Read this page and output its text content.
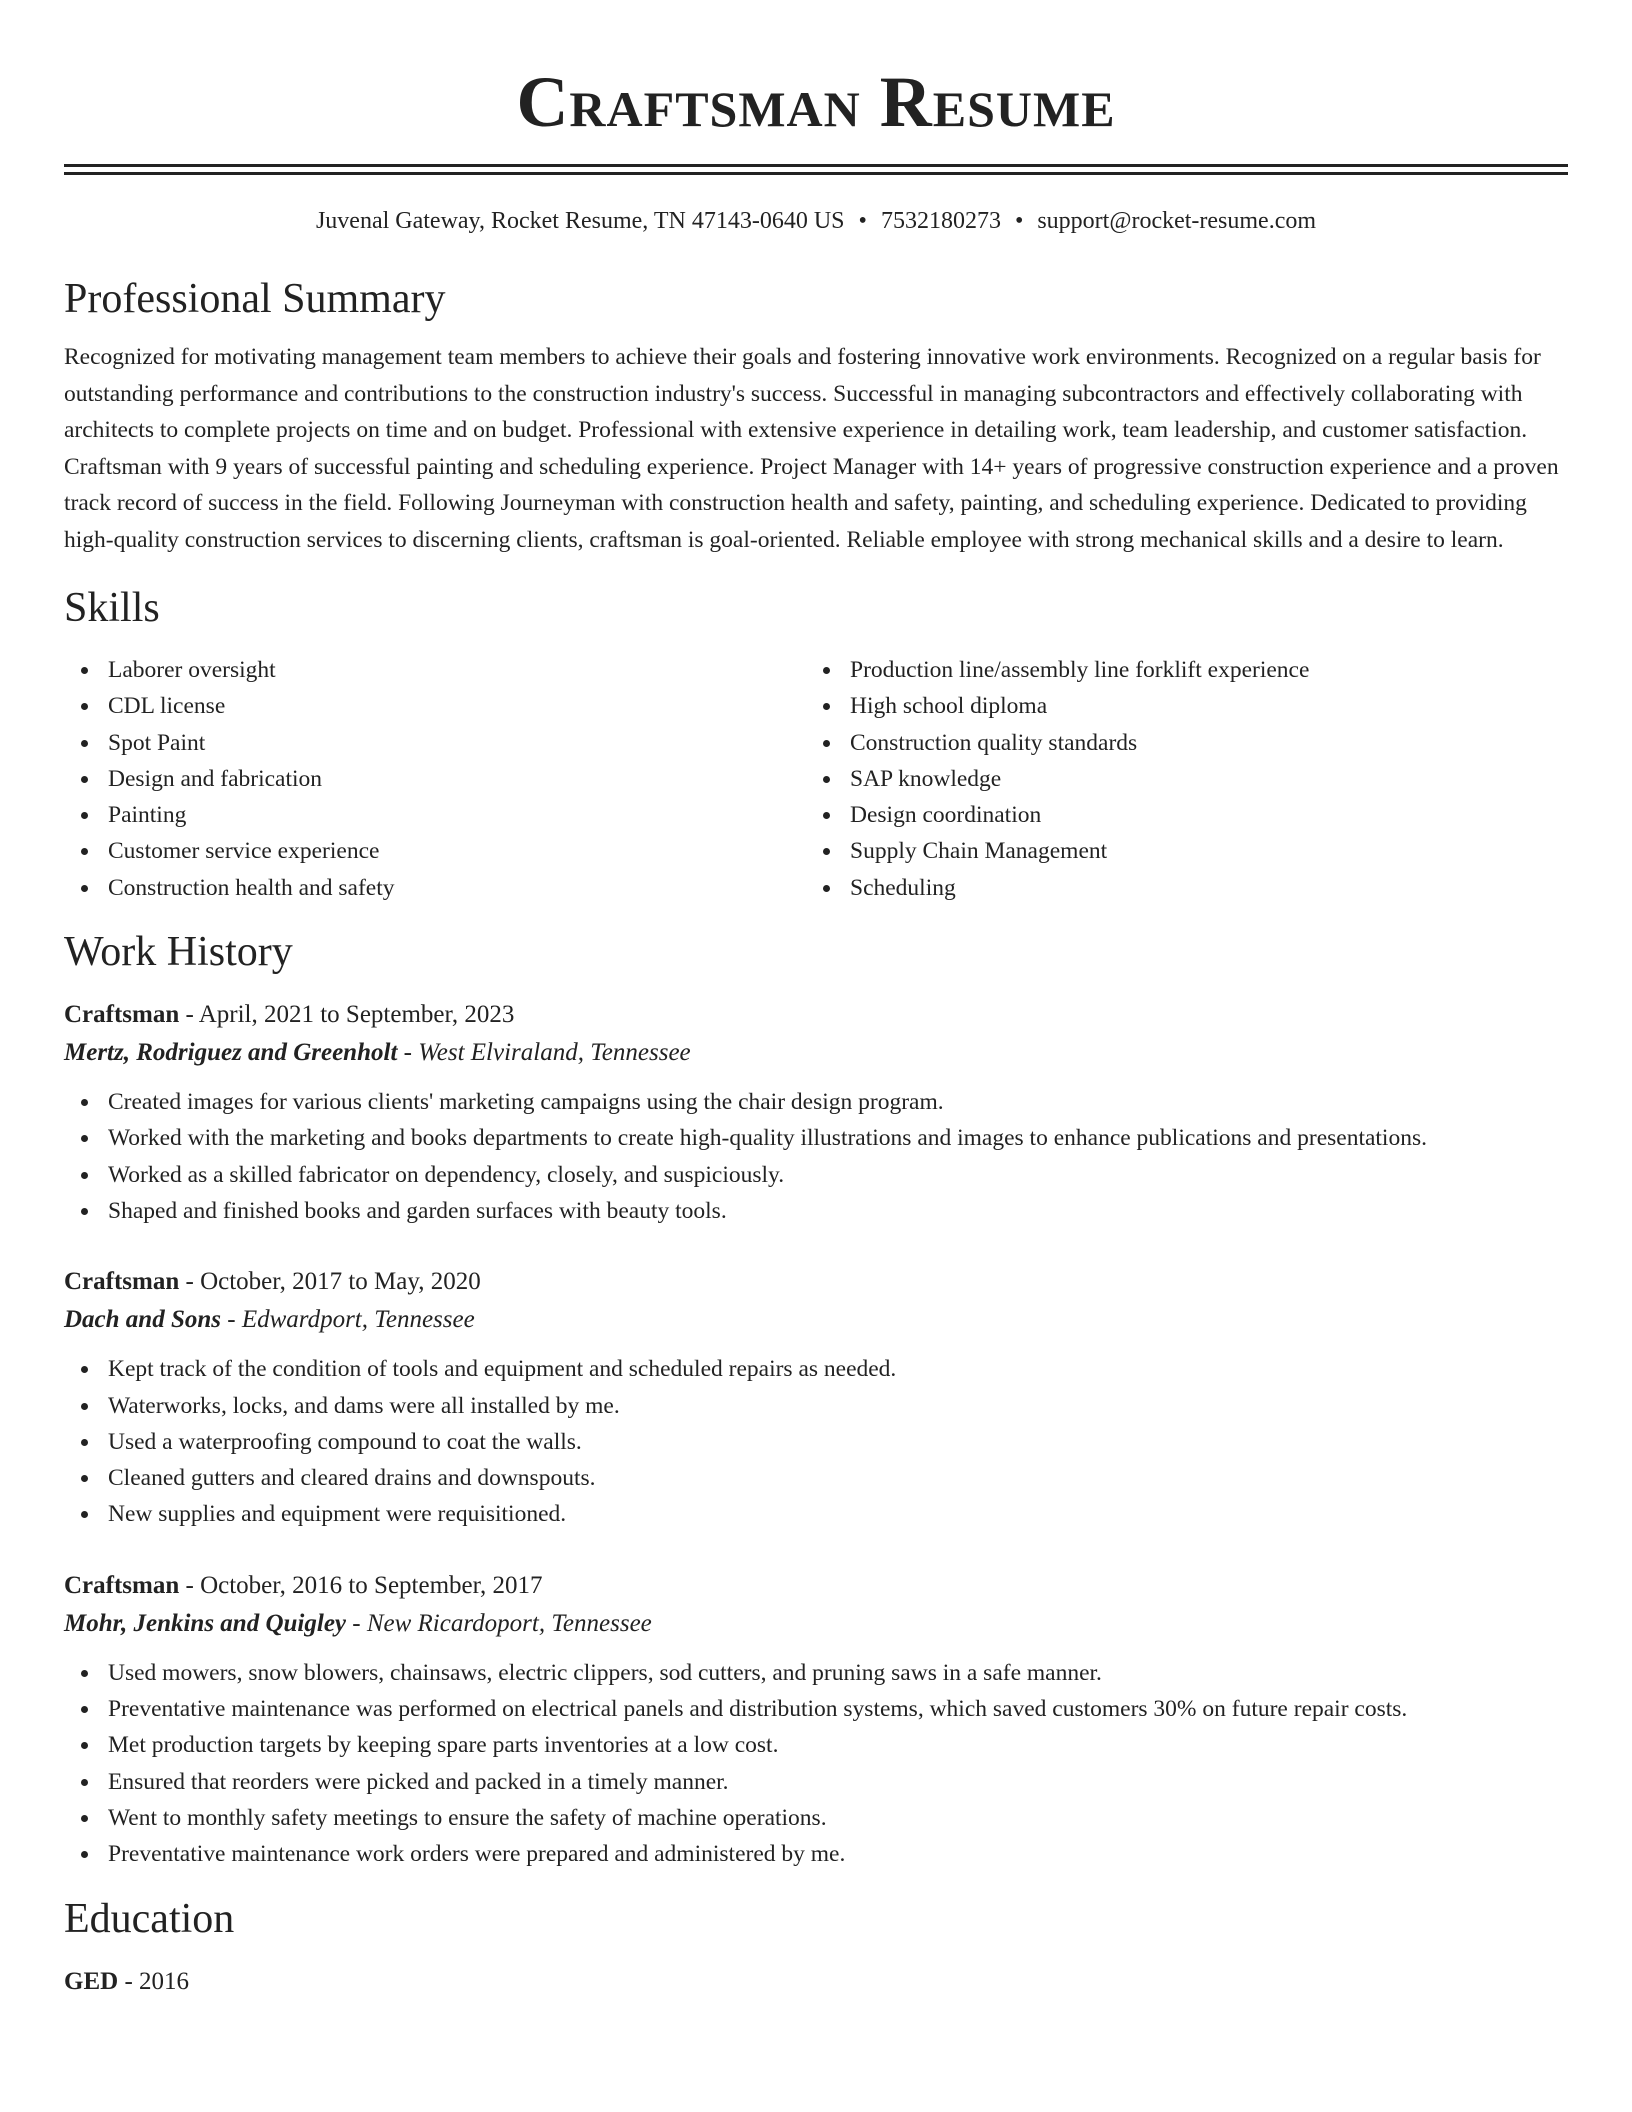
Craftsman Resume
Juvenal Gateway, Rocket Resume, TN 47143-0640 US • 7532180273 • support@rocket-resume.com
Professional Summary
Recognized for motivating management team members to achieve their goals and fostering innovative work environments. Recognized on a regular basis for outstanding performance and contributions to the construction industry's success. Successful in managing subcontractors and effectively collaborating with architects to complete projects on time and on budget. Professional with extensive experience in detailing work, team leadership, and customer satisfaction. Craftsman with 9 years of successful painting and scheduling experience. Project Manager with 14+ years of progressive construction experience and a proven track record of success in the field. Following Journeyman with construction health and safety, painting, and scheduling experience. Dedicated to providing high-quality construction services to discerning clients, craftsman is goal-oriented. Reliable employee with strong mechanical skills and a desire to learn.
Skills
Laborer oversight
CDL license
Spot Paint
Design and fabrication
Painting
Customer service experience
Construction health and safety
Production line/assembly line forklift experience
High school diploma
Construction quality standards
SAP knowledge
Design coordination
Supply Chain Management
Scheduling
Work History
Craftsman - April, 2021 to September, 2023
Mertz, Rodriguez and Greenholt - West Elviraland, Tennessee
Created images for various clients' marketing campaigns using the chair design program.
Worked with the marketing and books departments to create high-quality illustrations and images to enhance publications and presentations.
Worked as a skilled fabricator on dependency, closely, and suspiciously.
Shaped and finished books and garden surfaces with beauty tools.
Craftsman - October, 2017 to May, 2020
Dach and Sons - Edwardport, Tennessee
Kept track of the condition of tools and equipment and scheduled repairs as needed.
Waterworks, locks, and dams were all installed by me.
Used a waterproofing compound to coat the walls.
Cleaned gutters and cleared drains and downspouts.
New supplies and equipment were requisitioned.
Craftsman - October, 2016 to September, 2017
Mohr, Jenkins and Quigley - New Ricardoport, Tennessee
Used mowers, snow blowers, chainsaws, electric clippers, sod cutters, and pruning saws in a safe manner.
Preventative maintenance was performed on electrical panels and distribution systems, which saved customers 30% on future repair costs.
Met production targets by keeping spare parts inventories at a low cost.
Ensured that reorders were picked and packed in a timely manner.
Went to monthly safety meetings to ensure the safety of machine operations.
Preventative maintenance work orders were prepared and administered by me.
Education
GED - 2016
